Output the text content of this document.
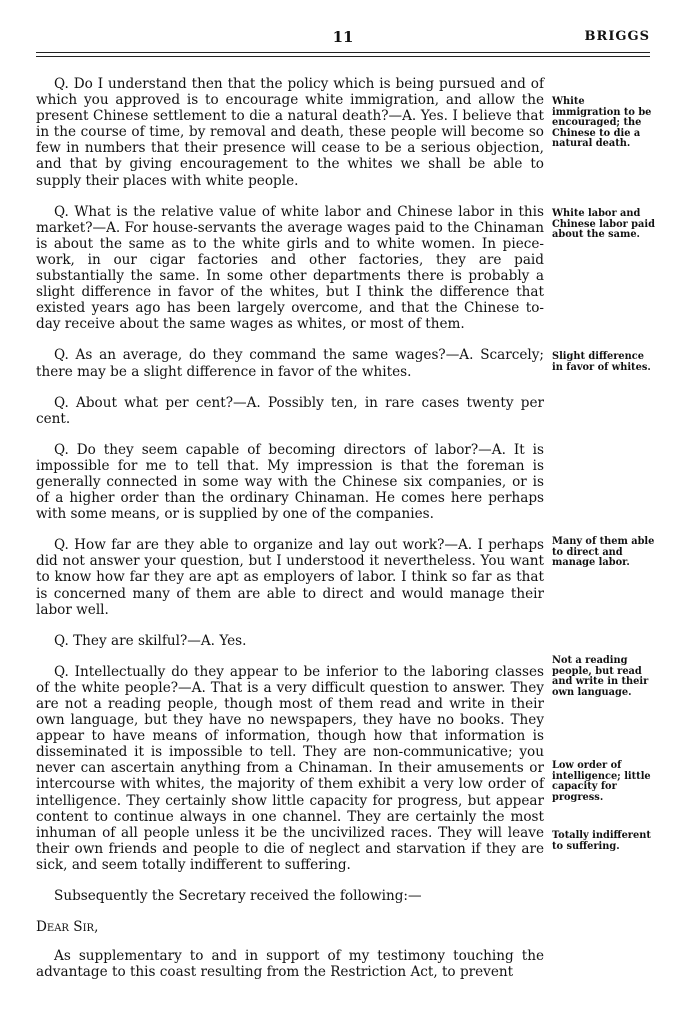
11	BRIGGS

Q. Do I understand then that the policy which is being pursued and of which you approved is to encourage white immigration, and allow the present Chinese settlement to die a natural death?—A. Yes. I believe that in the course of time, by removal and death, these people will become so few in numbers that their presence will cease to be a serious objection, and that by giving encouragement to the whites we shall be able to supply their places with white people.

Q. What is the relative value of white labor and Chinese labor in this market?—A. For house-servants the average wages paid to the Chinaman is about the same as to the white girls and to white women. In piece-work, in our cigar factories and other factories, they are paid substantially the same. In some other departments there is probably a slight difference in favor of the whites, but I think the difference that existed years ago has been largely overcome, and that the Chinese to-day receive about the same wages as whites, or most of them.

Q. As an average, do they command the same wages?—A. Scarcely; there may be a slight difference in favor of the whites.

Q. About what per cent?—A. Possibly ten, in rare cases twenty per cent.

Q. Do they seem capable of becoming directors of labor?—A. It is impossible for me to tell that. My impression is that the foreman is generally connected in some way with the Chinese six companies, or is of a higher order than the ordinary Chinaman. He comes here perhaps with some means, or is supplied by one of the companies.

Q. How far are they able to organize and lay out work?—A. I perhaps did not answer your question, but I understood it nevertheless. You want to know how far they are apt as employers of labor. I think so far as that is concerned many of them are able to direct and would manage their labor well.

Q. They are skilful?—A. Yes.

Q. Intellectually do they appear to be inferior to the laboring classes of the white people?—A. That is a very difficult question to answer. They are not a reading people, though most of them read and write in their own language, but they have no newspapers, they have no books. They appear to have means of information, though how that information is disseminated it is impossible to tell. They are non-communicative; you never can ascertain anything from a Chinaman. In their amusements or intercourse with whites, the majority of them exhibit a very low order of intelligence. They certainly show little capacity for progress, but appear content to continue always in one channel. They are certainly the most inhuman of all people unless it be the uncivilized races. They will leave their own friends and people to die of neglect and starvation if they are sick, and seem totally indifferent to suffering.

Subsequently the Secretary received the following:—

Dear Sir,

As supplementary to and in support of my testimony touching the advantage to this coast resulting from the Restriction Act, to prevent

White immigration to be encouraged; the Chinese to die a natural death.
White labor and Chinese labor paid about the same.
Slight difference in favor of whites.
Many of them able to direct and manage labor.
Not a reading people, but read and write in their own language.
Low order of intelligence; little capacity for progress.
Totally indifferent to suffering.
